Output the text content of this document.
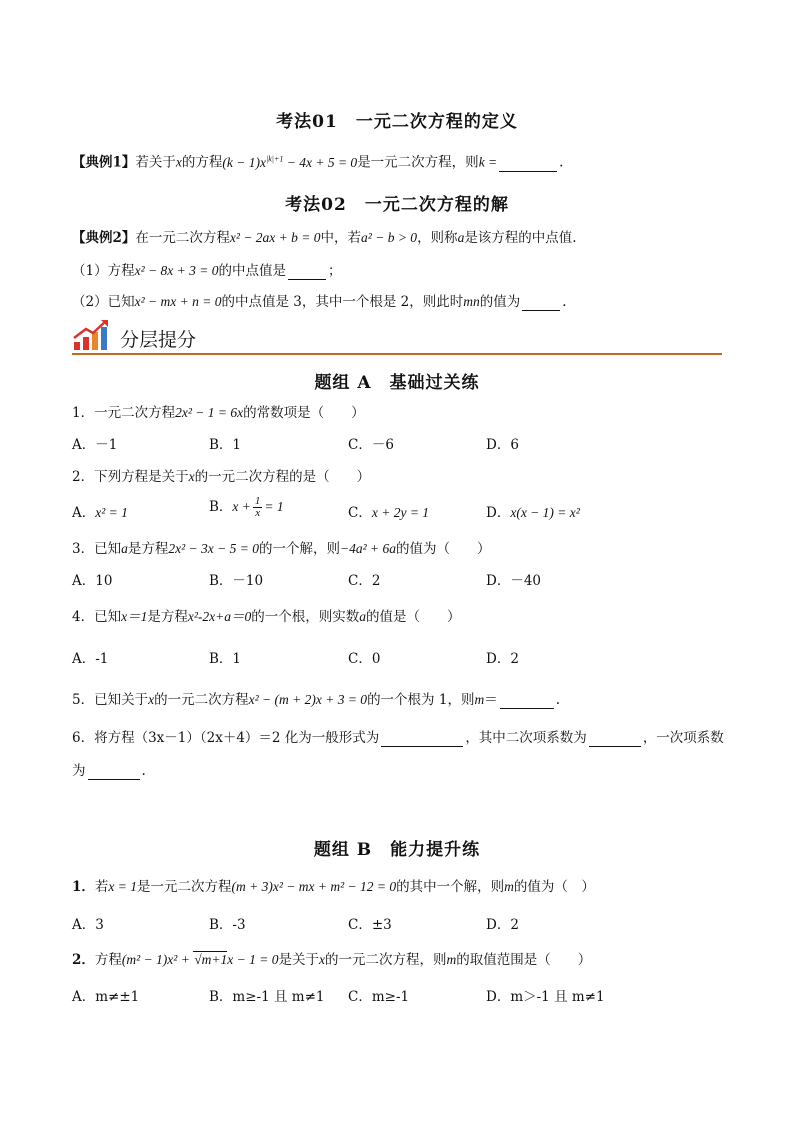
考法01　一元二次方程的定义
【典例1】若关于x的方程$(k - 1)x^{|k|+1} - 4x + 5 = 0$是一元二次方程，则k =	.
考法02　一元二次方程的解
【典例2】在一元二次方程x² − 2ax + b = 0中，若a² − b > 0，则称a是该方程的中点值.
（1）方程x² − 8x + 3 = 0的中点值是	；
（2）已知x² − mx + n = 0的中点值是 3，其中一个根是 2，则此时mn的值为	.
分层提分
题组 A　基础过关练
1．一元二次方程2x² − 1 = 6x的常数项是（　　）
A．－1	B．1	C．－6	D．6
2．下列方程是关于x的一元二次方程的是（　　）
A．x² = 1	B．$x + \frac{1}{x} = 1$	C．x + 2y = 1	D．x(x − 1) = x²
3．已知a是方程2x² − 3x − 5 = 0的一个解，则−4a² + 6a的值为（　　）
A．10	B．－10	C．2	D．－40
4．已知x＝1是方程x²-2x+a＝0的一个根，则实数a的值是（　　）
A．-1	B．1	C．0	D．2
5．已知关于x的一元二次方程x² − (m + 2)x + 3 = 0的一个根为 1，则m＝	.
6．将方程（3x－1）（2x＋4）＝2 化为一般形式为	，其中二次项系数为	，一次项系数
为	.
题组 B　能力提升练
1．若x = 1是一元二次方程(m + 3)x² − mx + m² − 12 = 0的其中一个解，则m的值为（　）
A．3	B．-3	C．±3	D．2
2．方程(m² − 1)x² + √m+1x − 1 = 0是关于x的一元二次方程，则m的取值范围是（　　）
A．m≠±1	B．m≥-1 且 m≠1 C．m≥-1	D．m＞-1 且 m≠1
